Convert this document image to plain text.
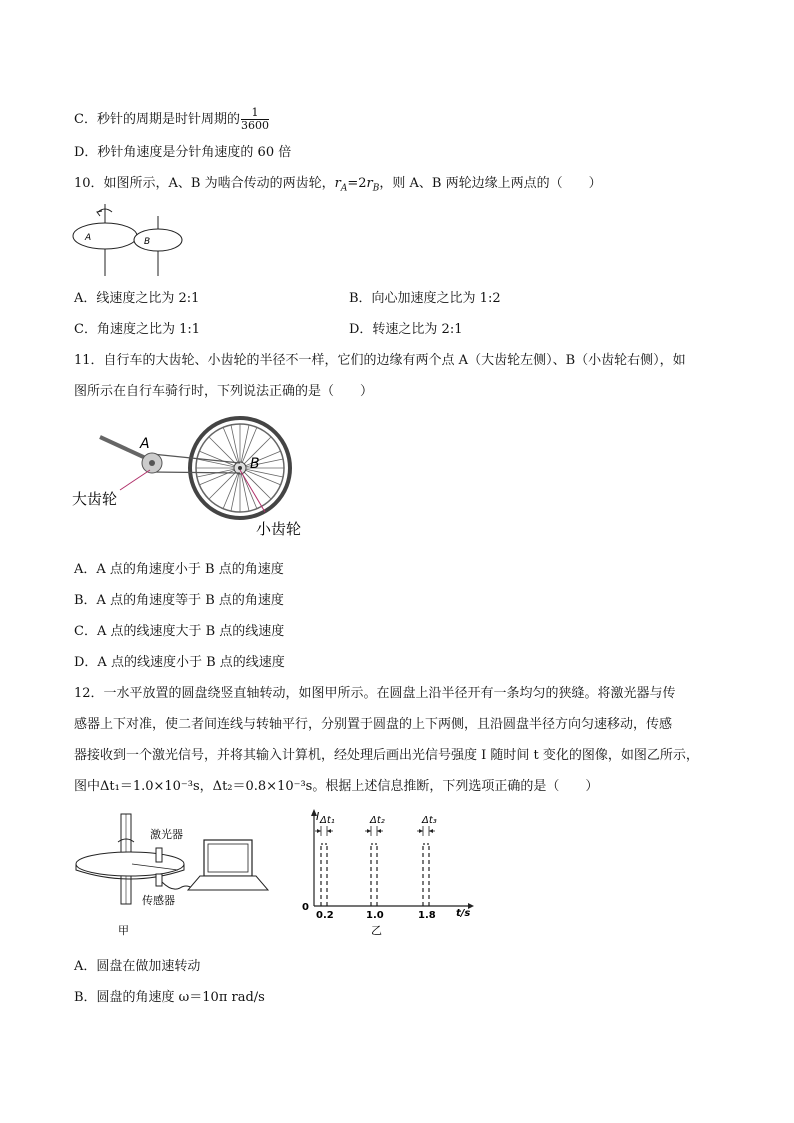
C．秒针的周期是时针周期的 $\frac{1}{3600}$
D．秒针角速度是分针角速度的 60 倍
10．如图所示，A、B 为啮合传动的两齿轮，$r_A=2r_B$，则 A、B 两轮边缘上两点的（　　）
A	B
A．线速度之比为 2:1	B．向心加速度之比为 1:2
C．角速度之比为 1:1	D．转速之比为 2:1
11．自行车的大齿轮、小齿轮的半径不一样，它们的边缘有两个点 A（大齿轮左侧）、B（小齿轮右侧），如
图所示在自行车骑行时，下列说法正确的是（　　）
A
B
大齿轮
小齿轮
A．A 点的角速度小于 B 点的角速度
B．A 点的角速度等于 B 点的角速度
C．A 点的线速度大于 B 点的线速度
D．A 点的线速度小于 B 点的线速度
12．一水平放置的圆盘绕竖直轴转动，如图甲所示。在圆盘上沿半径开有一条均匀的狭缝。将激光器与传
感器上下对准，使二者间连线与转轴平行，分别置于圆盘的上下两侧，且沿圆盘半径方向匀速移动，传感
器接收到一个激光信号，并将其输入计算机，经处理后画出光信号强度 I 随时间 t 变化的图像，如图乙所示，
图中Δt₁＝1.0×10⁻³s，Δt₂＝0.8×10⁻³s。根据上述信息推断，下列选项正确的是（　　）
激光器
传感器
甲
I
t/s
0
Δt₁	Δt₂	Δt₃
0.2	1.0	1.8
乙
A．圆盘在做加速转动
B．圆盘的角速度 ω＝10π rad/s
